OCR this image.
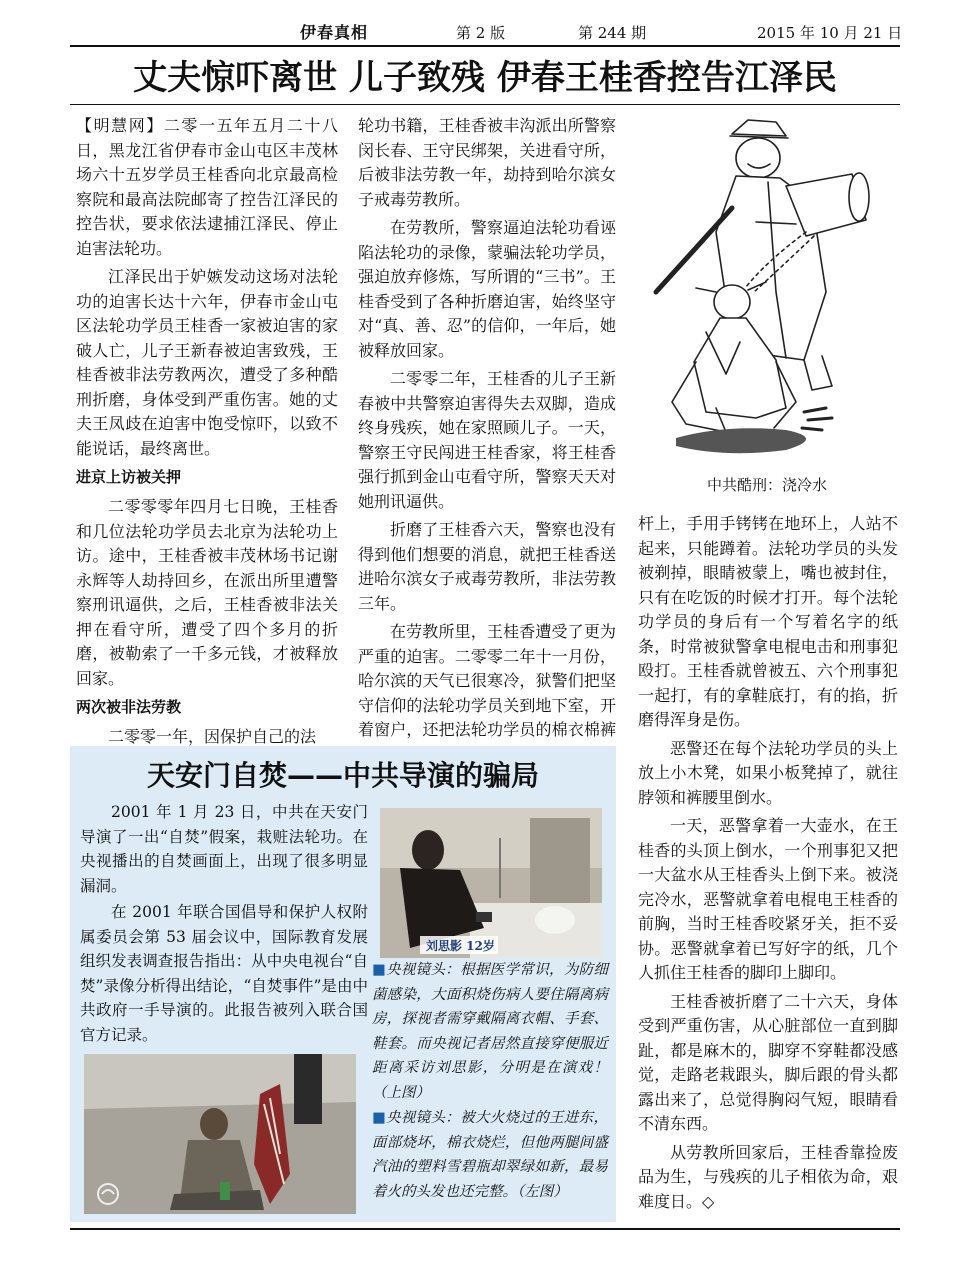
伊春真相	第 2 版	第 244 期	2015 年 10 月 21 日
丈夫惊吓离世 儿子致残 伊春王桂香控告江泽民

【明慧网】二零一五年五月二十八日，黑龙江省伊春市金山屯区丰茂林场六十五岁学员王桂香向北京最高检察院和最高法院邮寄了控告江泽民的控告状，要求依法逮捕江泽民、停止迫害法轮功。

江泽民出于妒嫉发动这场对法轮功的迫害长达十六年，伊春市金山屯区法轮功学员王桂香一家被迫害的家破人亡，儿子王新春被迫害致残，王桂香被非法劳教两次，遭受了多种酷刑折磨，身体受到严重伤害。她的丈夫王凤歧在迫害中饱受惊吓，以致不能说话，最终离世。

进京上访被关押

二零零零年四月七日晚，王桂香和几位法轮功学员去北京为法轮功上访。途中，王桂香被丰茂林场书记谢永辉等人劫持回乡，在派出所里遭警察刑讯逼供，之后，王桂香被非法关押在看守所，遭受了四个多月的折磨，被勒索了一千多元钱，才被释放回家。

两次被非法劳教

二零零一年，因保护自己的法

轮功书籍，王桂香被丰沟派出所警察闵长春、王守民绑架，关进看守所，后被非法劳教一年，劫持到哈尔滨女子戒毒劳教所。

在劳教所，警察逼迫法轮功看诬陷法轮功的录像，蒙骗法轮功学员，强迫放弃修炼，写所谓的“三书”。王桂香受到了各种折磨迫害，始终坚守对“真、善、忍”的信仰，一年后，她被释放回家。

二零零二年，王桂香的儿子王新春被中共警察迫害得失去双脚，造成终身残疾，她在家照顾儿子。一天，警察王守民闯进王桂香家，将王桂香强行抓到金山屯看守所，警察天天对她刑讯逼供。

折磨了王桂香六天，警察也没有得到他们想要的消息，就把王桂香送进哈尔滨女子戒毒劳教所，非法劳教三年。

在劳教所里，王桂香遭受了更为严重的迫害。二零零二年十一月份，哈尔滨的天气已很寒冷，狱警们把坚守信仰的法轮功学员关到地下室，开着窗户，还把法轮功学员的棉衣棉裤

中共酷刑：浇冷水

杆上，手用手铐铐在地环上，人站不起来，只能蹲着。法轮功学员的头发被剃掉，眼睛被蒙上，嘴也被封住，只有在吃饭的时候才打开。每个法轮功学员的身后有一个写着名字的纸条，时常被狱警拿电棍电击和刑事犯殴打。王桂香就曾被五、六个刑事犯一起打，有的拿鞋底打，有的掐，折磨得浑身是伤。

恶警还在每个法轮功学员的头上放上小木凳，如果小板凳掉了，就往脖领和裤腰里倒水。

一天，恶警拿着一大壶水，在王桂香的头顶上倒水，一个刑事犯又把一大盆水从王桂香头上倒下来。被浇完冷水，恶警就拿着电棍电王桂香的前胸，当时王桂香咬紧牙关，拒不妥协。恶警就拿着已写好字的纸，几个人抓住王桂香的脚印上脚印。

王桂香被折磨了二十六天，身体受到严重伤害，从心脏部位一直到脚趾，都是麻木的，脚穿不穿鞋都没感觉，走路老栽跟头，脚后跟的骨头都露出来了，总觉得胸闷气短，眼睛看不清东西。

从劳教所回家后，王桂香靠捡废品为生，与残疾的儿子相依为命，艰难度日。◇

天安门自焚——中共导演的骗局

2001 年 1 月 23 日，中共在天安门导演了一出“自焚”假案，栽赃法轮功。在央视播出的自焚画面上，出现了很多明显漏洞。

在 2001 年联合国倡导和保护人权附属委员会第 53 届会议中，国际教育发展组织发表调查报告指出：从中央电视台“自焚”录像分析得出结论，“自焚事件”是由中共政府一手导演的。此报告被列入联合国官方记录。

刘思影 12岁
■央视镜头：根据医学常识，为防细菌感染，大面积烧伤病人要住隔离病房，探视者需穿戴隔离衣帽、手套、鞋套。而央视记者居然直接穿便服近距离采访刘思影，分明是在演戏！（上图）
■央视镜头：被大火烧过的王进东，面部烧坏，棉衣烧烂，但他两腿间盛汽油的塑料雪碧瓶却翠绿如新，最易着火的头发也还完整。（左图）
